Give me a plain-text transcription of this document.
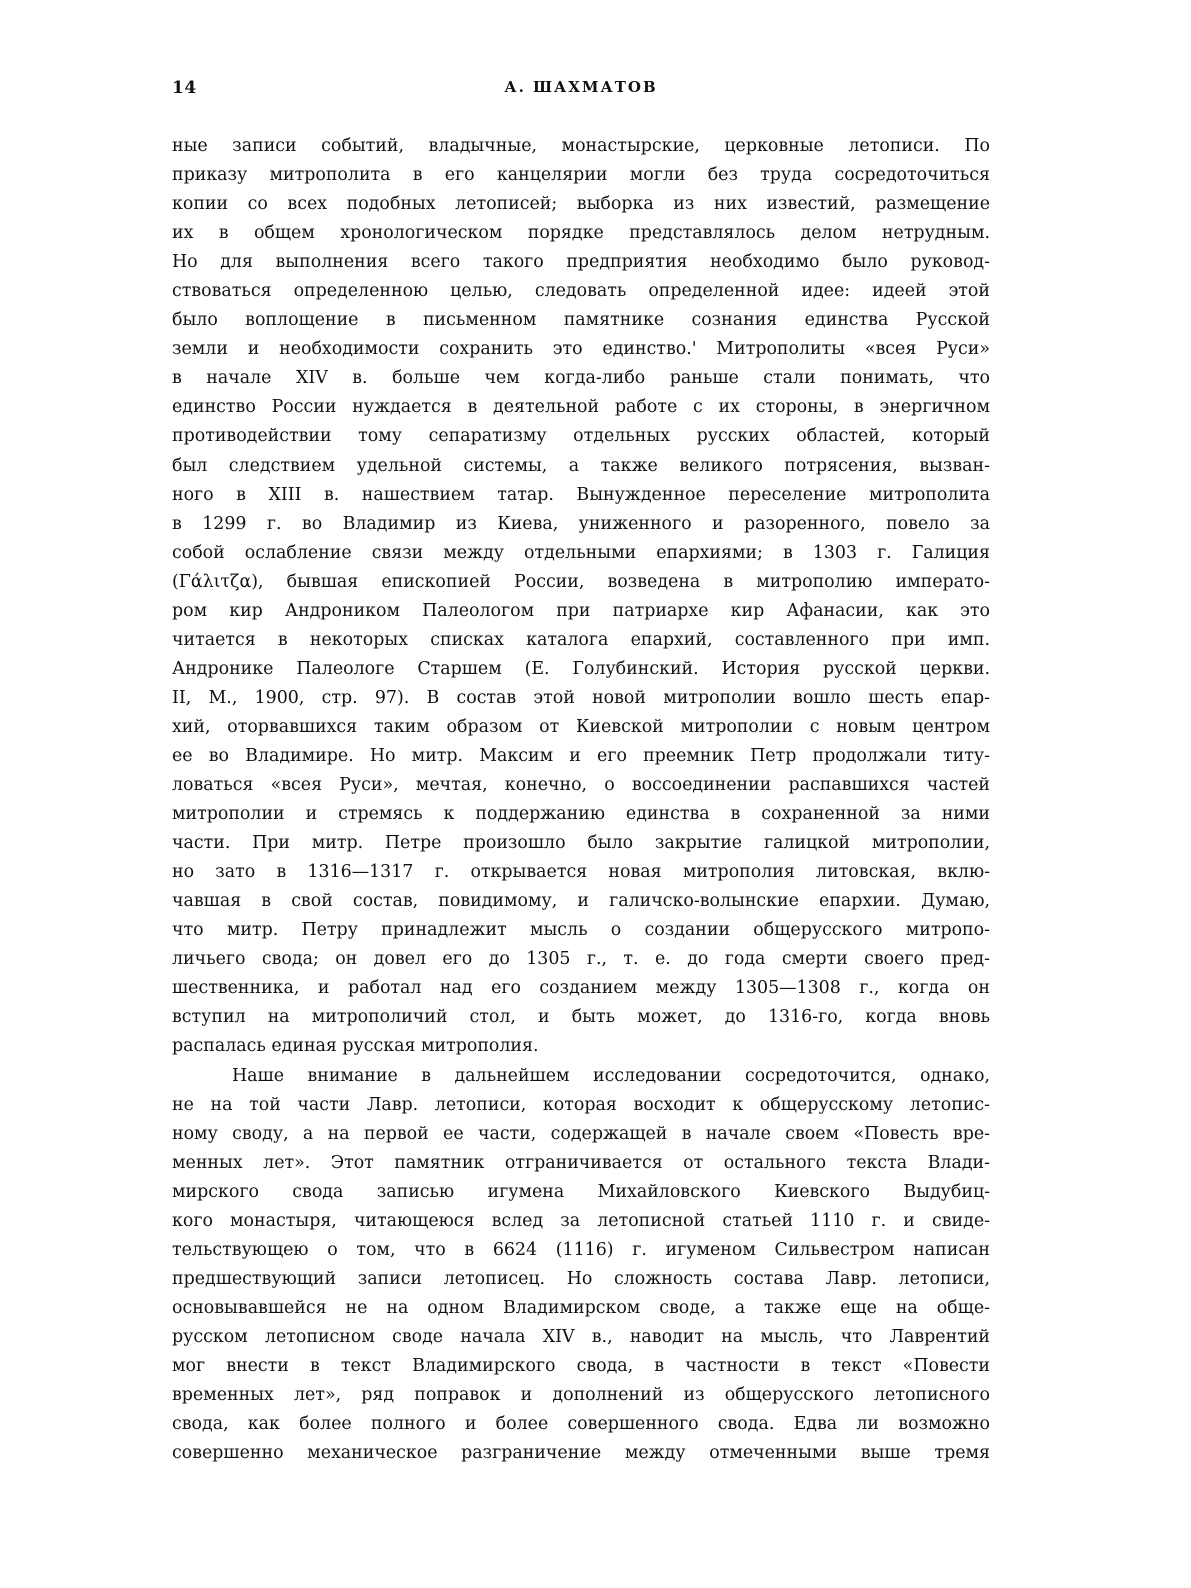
14	А. ШАХМАТОВ
ные записи событий, владычные, монастырские, церковные летописи. По
приказу митрополита в его канцелярии могли без труда сосредоточиться
копии со всех подобных летописей; выборка из них известий, размещение
их в общем хронологическом порядке представлялось делом нетрудным.
Но для выполнения всего такого предприятия необходимо было руковод-
ствоваться определенною целью, следовать определенной идее: идеей этой
было воплощение в письменном памятнике сознания единства Русской
земли и необходимости сохранить это единство.' Митрополиты «всея Руси»
в начале XIV в. больше чем когда-либо раньше стали понимать, что
единство России нуждается в деятельной работе с их стороны, в энергичном
противодействии тому сепаратизму отдельных русских областей, который
был следствием удельной системы, а также великого потрясения, вызван-
ного в XIII в. нашествием татар. Вынужденное переселение митрополита
в 1299 г. во Владимир из Киева, униженного и разоренного, повело за
собой ослабление связи между отдельными епархиями; в 1303 г. Галиция
(Γάλιτζα), бывшая епископией России, возведена в митрополию императо-
ром кир Андроником Палеологом при патриархе кир Афанасии, как это
читается в некоторых списках каталога епархий, составленного при имп.
Андронике Палеологе Старшем (Е. Голубинский. История русской церкви.
II, М., 1900, стр. 97). В состав этой новой митрополии вошло шесть епар-
хий, оторвавшихся таким образом от Киевской митрополии с новым центром
ее во Владимире. Но митр. Максим и его преемник Петр продолжали титу-
ловаться «всея Руси», мечтая, конечно, о воссоединении распавшихся частей
митрополии и стремясь к поддержанию единства в сохраненной за ними
части. При митр. Петре произошло было закрытие галицкой митрополии,
но зато в 1316—1317 г. открывается новая митрополия литовская, вклю-
чавшая в свой состав, повидимому, и галичско-волынские епархии. Думаю,
что митр. Петру принадлежит мысль о создании общерусского митропо-
личьего свода; он довел его до 1305 г., т. е. до года смерти своего пред-
шественника, и работал над его созданием между 1305—1308 г., когда он
вступил на митрополичий стол, и быть может, до 1316-го, когда вновь
распалась единая русская митрополия.
Наше внимание в дальнейшем исследовании сосредоточится, однако,
не на той части Лавр. летописи, которая восходит к общерусскому летопис-
ному своду, а на первой ее части, содержащей в начале своем «Повесть вре-
менных лет». Этот памятник отграничивается от остального текста Влади-
мирского свода записью игумена Михайловского Киевского Выдубиц-
кого монастыря, читающеюся вслед за летописной статьей 1110 г. и свиде-
тельствующею о том, что в 6624 (1116) г. игуменом Сильвестром написан
предшествующий записи летописец. Но сложность состава Лавр. летописи,
основывавшейся не на одном Владимирском своде, а также еще на обще-
русском летописном своде начала XIV в., наводит на мысль, что Лаврентий
мог внести в текст Владимирского свода, в частности в текст «Повести
временных лет», ряд поправок и дополнений из общерусского летописного
свода, как более полного и более совершенного свода. Едва ли возможно
совершенно механическое разграничение между отмеченными выше тремя
